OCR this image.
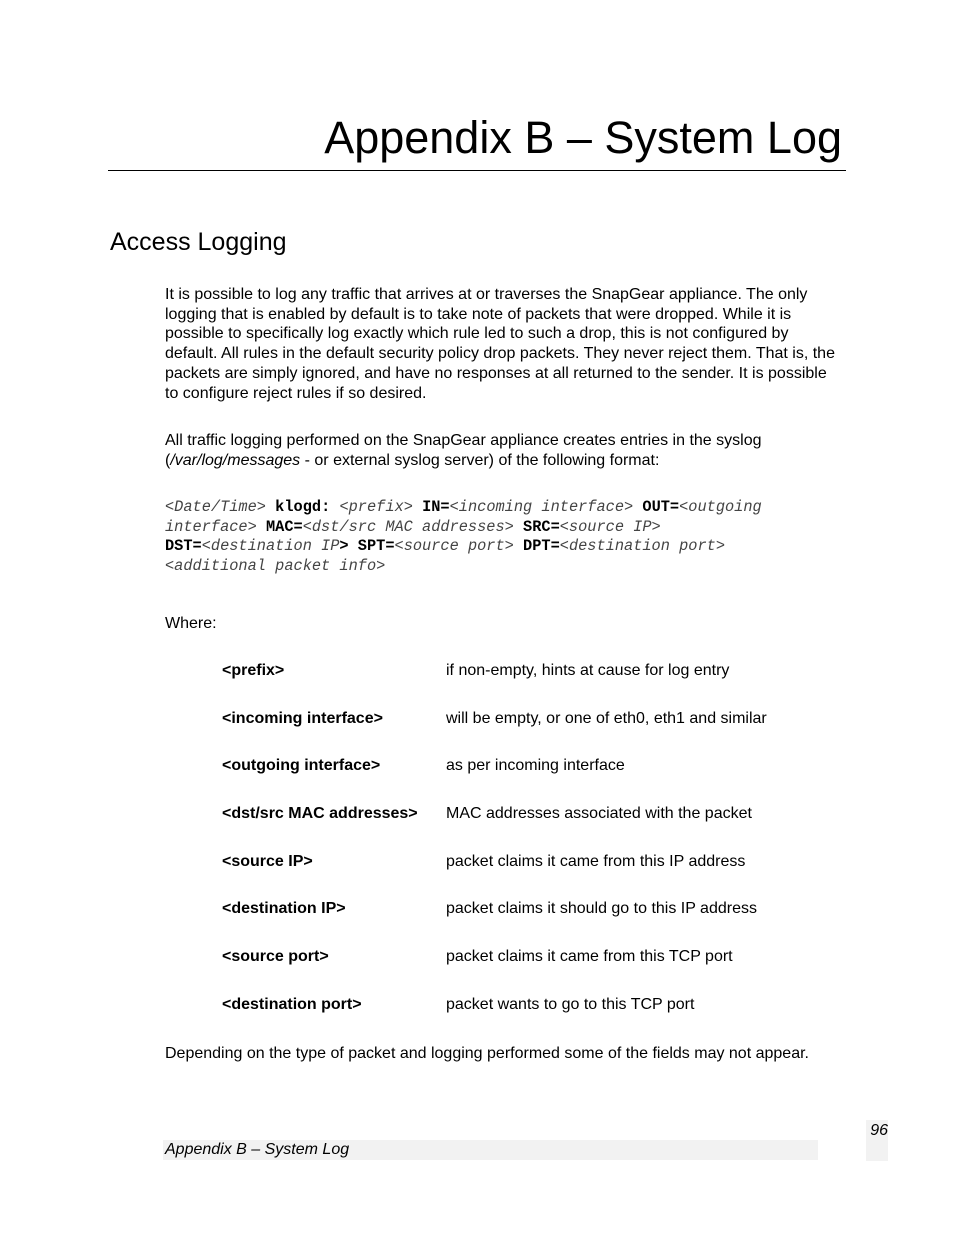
Appendix B – System Log
Access Logging
It is possible to log any traffic that arrives at or traverses the SnapGear appliance. The only logging that is enabled by default is to take note of packets that were dropped. While it is possible to specifically log exactly which rule led to such a drop, this is not configured by default. All rules in the default security policy drop packets. They never reject them. That is, the packets are simply ignored, and have no responses at all returned to the sender. It is possible to configure reject rules if so desired.
All traffic logging performed on the SnapGear appliance creates entries in the syslog (/var/log/messages - or external syslog server) of the following format:
<Date/Time> klogd: <prefix> IN=<incoming interface> OUT=<outgoing
interface> MAC=<dst/src MAC addresses> SRC=<source IP>
DST=<destination IP> SPT=<source port> DPT=<destination port>
<additional packet info>
Where:
<prefix>	if non-empty, hints at cause for log entry
<incoming interface>	will be empty, or one of eth0, eth1 and similar
<outgoing interface>	as per incoming interface
<dst/src MAC addresses>	MAC addresses associated with the packet
<source IP>	packet claims it came from this IP address
<destination IP>	packet claims it should go to this IP address
<source port>	packet claims it came from this TCP port
<destination port>	packet wants to go to this TCP port
Depending on the type of packet and logging performed some of the fields may not appear.
96
Appendix B – System Log
